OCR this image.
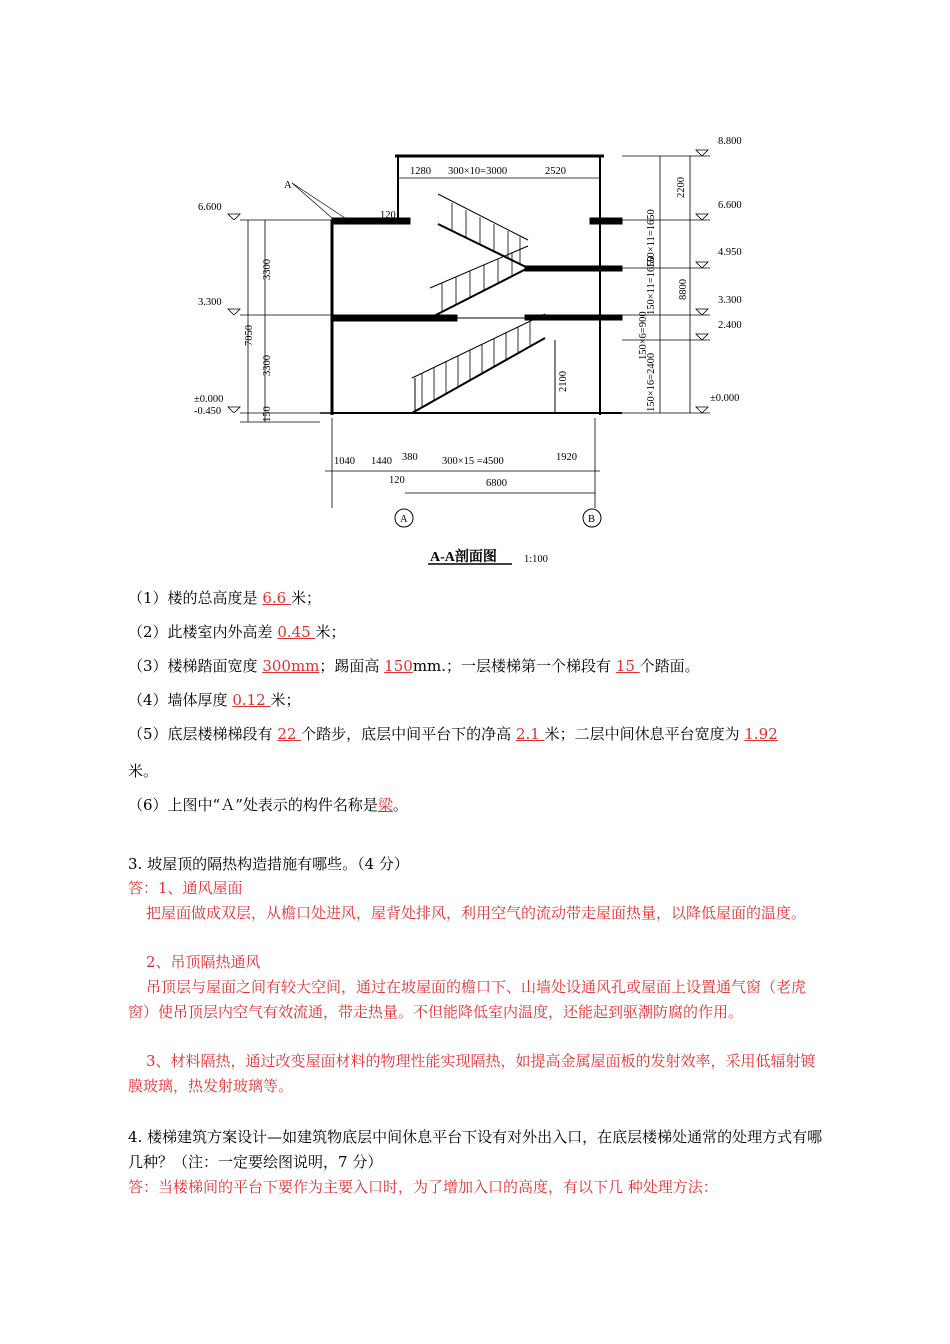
A
1280 300×10=3000	2520
120
6.600
3.300
±0.000
-0.450
3300
3300
7050
150
8.800
6.600
4.950
3.300
2.400
±0.000
2200
150×11=1650
150×11=1650
150×6=900
150×16=2400
8800
2100
1040 1440 380 300×15 =4500	1920
120	6800
A	B
A-A剖面图	1:100
（1）楼的总高度是 6.6 米；
（2）此楼室内外高差 0.45 米；
（3）楼梯踏面宽度 300mm；踢面高 150mm.；一层楼梯第一个梯段有 15 个踏面。
（4）墙体厚度 0.12 米；
（5）底层楼梯梯段有 22 个踏步，底层中间平台下的净高 2.1 米；二层中间休息平台宽度为 1.92
米。
（6）上图中“Ａ”处表示的构件名称是梁。
3. 坡屋顶的隔热构造措施有哪些。（4 分）
答：1、通风屋面
把屋面做成双层，从檐口处进风，屋背处排风，利用空气的流动带走屋面热量，以降低屋面的温度。
2、吊顶隔热通风
吊顶层与屋面之间有较大空间，通过在坡屋面的檐口下、山墙处设通风孔或屋面上设置通气窗（老虎窗）使吊顶层内空气有效流通，带走热量。不但能降低室内温度，还能起到驱潮防腐的作用。
3、材料隔热，通过改变屋面材料的物理性能实现隔热，如提高金属屋面板的发射效率，采用低辐射镀膜玻璃，热发射玻璃等。
4. 楼梯建筑方案设计—如建筑物底层中间休息平台下设有对外出入口，在底层楼梯处通常的处理方式有哪几种？（注：一定要绘图说明，7 分）
答：当楼梯间的平台下要作为主要入口时，为了增加入口的高度，有以下几 种处理方法：
